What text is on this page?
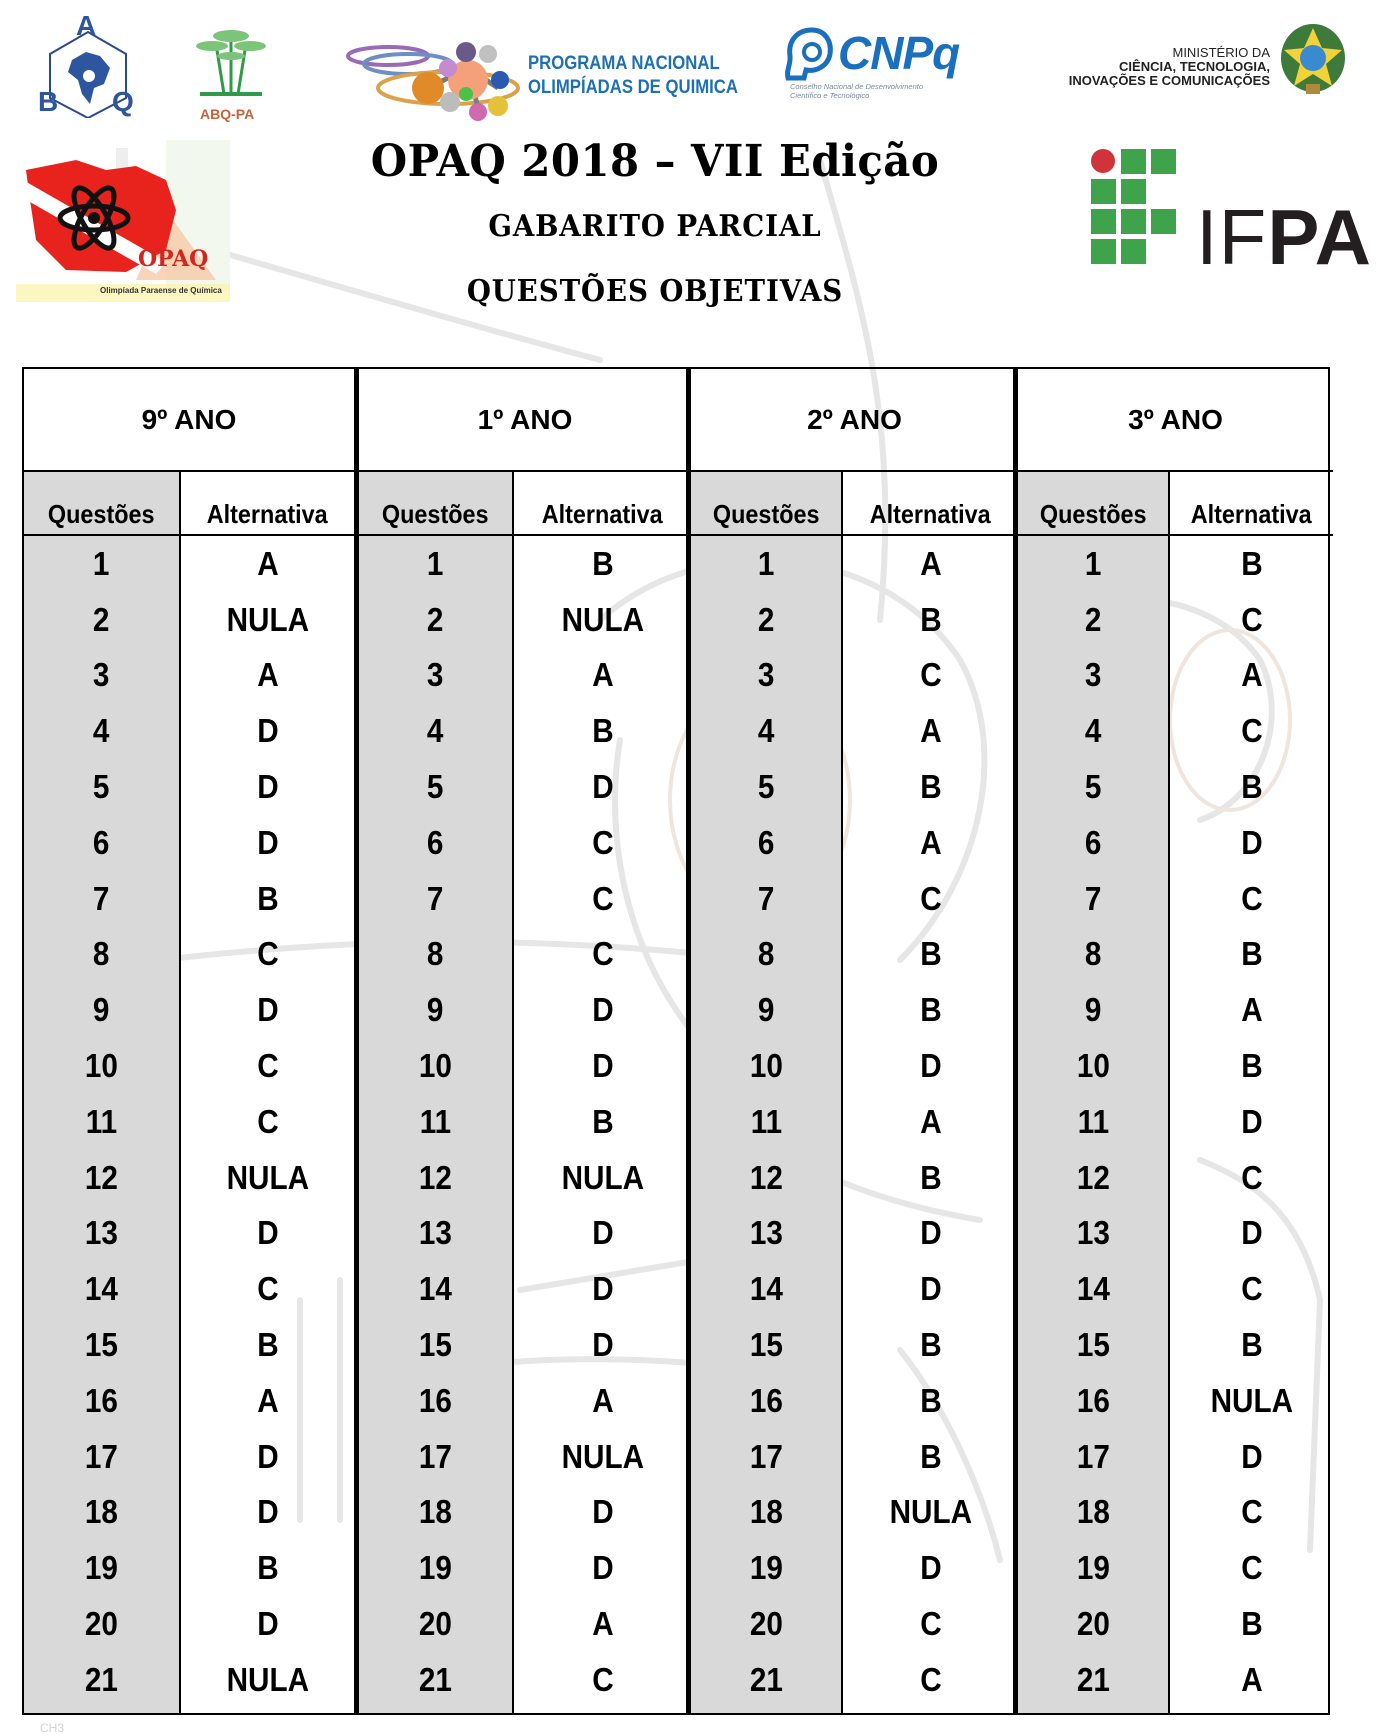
CH3
A
B Q	ABQ-PA
PROGRAMA NACIONAL
OLIMPÍADAS DE QUIMICA
CNPq
Conselho Nacional de Desenvolvimento
Científico e Tecnológico
MINISTÉRIO DA
CIÊNCIA, TECNOLOGIA,
INOVAÇÕES E COMUNICAÇÕES
OPAQ
Olimpíada Paraense de Química
IFPA
OPAQ 2018 – VII Edição
GABARITO PARCIAL
QUESTÕES OBJETIVAS
9º ANO
Questões
1
2
3
4
5
6
7
8
9
10
11
12
13
14
15
16
17
18
19
20
21
Alternativa
A
NULA
A
D
D
D
B
C
D
C
C
NULA
D
C
B
A
D
D
B
D
NULA
1º ANO
Questões
1
2
3
4
5
6
7
8
9
10
11
12
13
14
15
16
17
18
19
20
21
Alternativa
B
NULA
A
B
D
C
C
C
D
D
B
NULA
D
D
D
A
NULA
D
D
A
C
2º ANO
Questões
1
2
3
4
5
6
7
8
9
10
11
12
13
14
15
16
17
18
19
20
21
Alternativa
A
B
C
A
B
A
C
B
B
D
A
B
D
D
B
B
B
NULA
D
C
C
3º ANO
Questões
1
2
3
4
5
6
7
8
9
10
11
12
13
14
15
16
17
18
19
20
21
Alternativa
B
C
A
C
B
D
C
B
A
B
D
C
D
C
B
NULA
D
C
C
B
A
